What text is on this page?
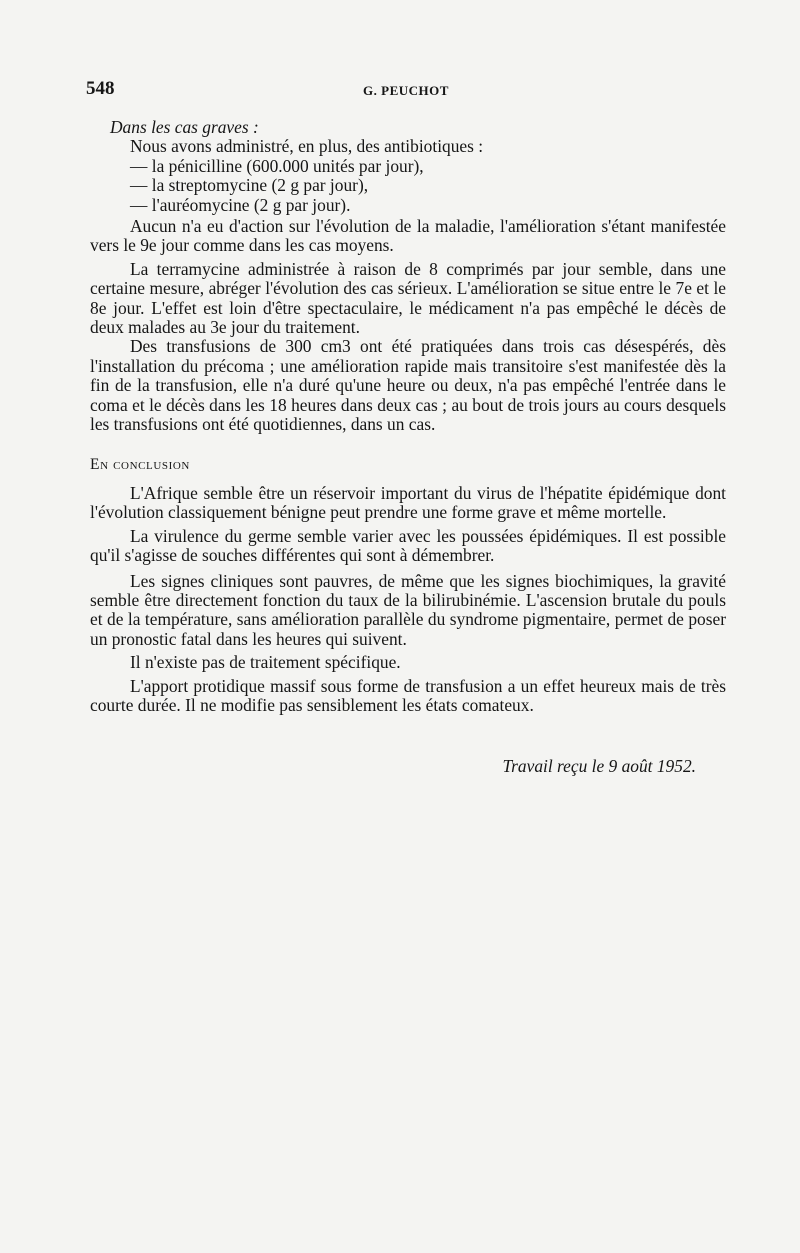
548	G. PEUCHOT
Dans les cas graves :

Nous avons administré, en plus, des antibiotiques :

— la pénicilline (600.000 unités par jour),
— la streptomycine (2 g par jour),
— l'auréomycine (2 g par jour).

Aucun n'a eu d'action sur l'évolution de la maladie, l'amélioration s'étant manifestée vers le 9e jour comme dans les cas moyens.

La terramycine administrée à raison de 8 comprimés par jour semble, dans une certaine mesure, abréger l'évolution des cas sérieux. L'amélioration se situe entre le 7e et le 8e jour. L'effet est loin d'être spectaculaire, le médicament n'a pas empêché le décès de deux malades au 3e jour du traitement.

Des transfusions de 300 cm3 ont été pratiquées dans trois cas désespérés, dès l'installation du précoma ; une amélioration rapide mais transitoire s'est manifestée dès la fin de la transfusion, elle n'a duré qu'une heure ou deux, n'a pas empêché l'entrée dans le coma et le décès dans les 18 heures dans deux cas ; au bout de trois jours au cours desquels les transfusions ont été quotidiennes, dans un cas.

En conclusion

L'Afrique semble être un réservoir important du virus de l'hépatite épidémique dont l'évolution classiquement bénigne peut prendre une forme grave et même mortelle.

La virulence du germe semble varier avec les poussées épidémiques. Il est possible qu'il s'agisse de souches différentes qui sont à démembrer.

Les signes cliniques sont pauvres, de même que les signes biochimiques, la gravité semble être directement fonction du taux de la bilirubinémie. L'ascension brutale du pouls et de la température, sans amélioration parallèle du syndrome pigmentaire, permet de poser un pronostic fatal dans les heures qui suivent.

Il n'existe pas de traitement spécifique.

L'apport protidique massif sous forme de transfusion a un effet heureux mais de très courte durée. Il ne modifie pas sensiblement les états comateux.

Travail reçu le 9 août 1952.
